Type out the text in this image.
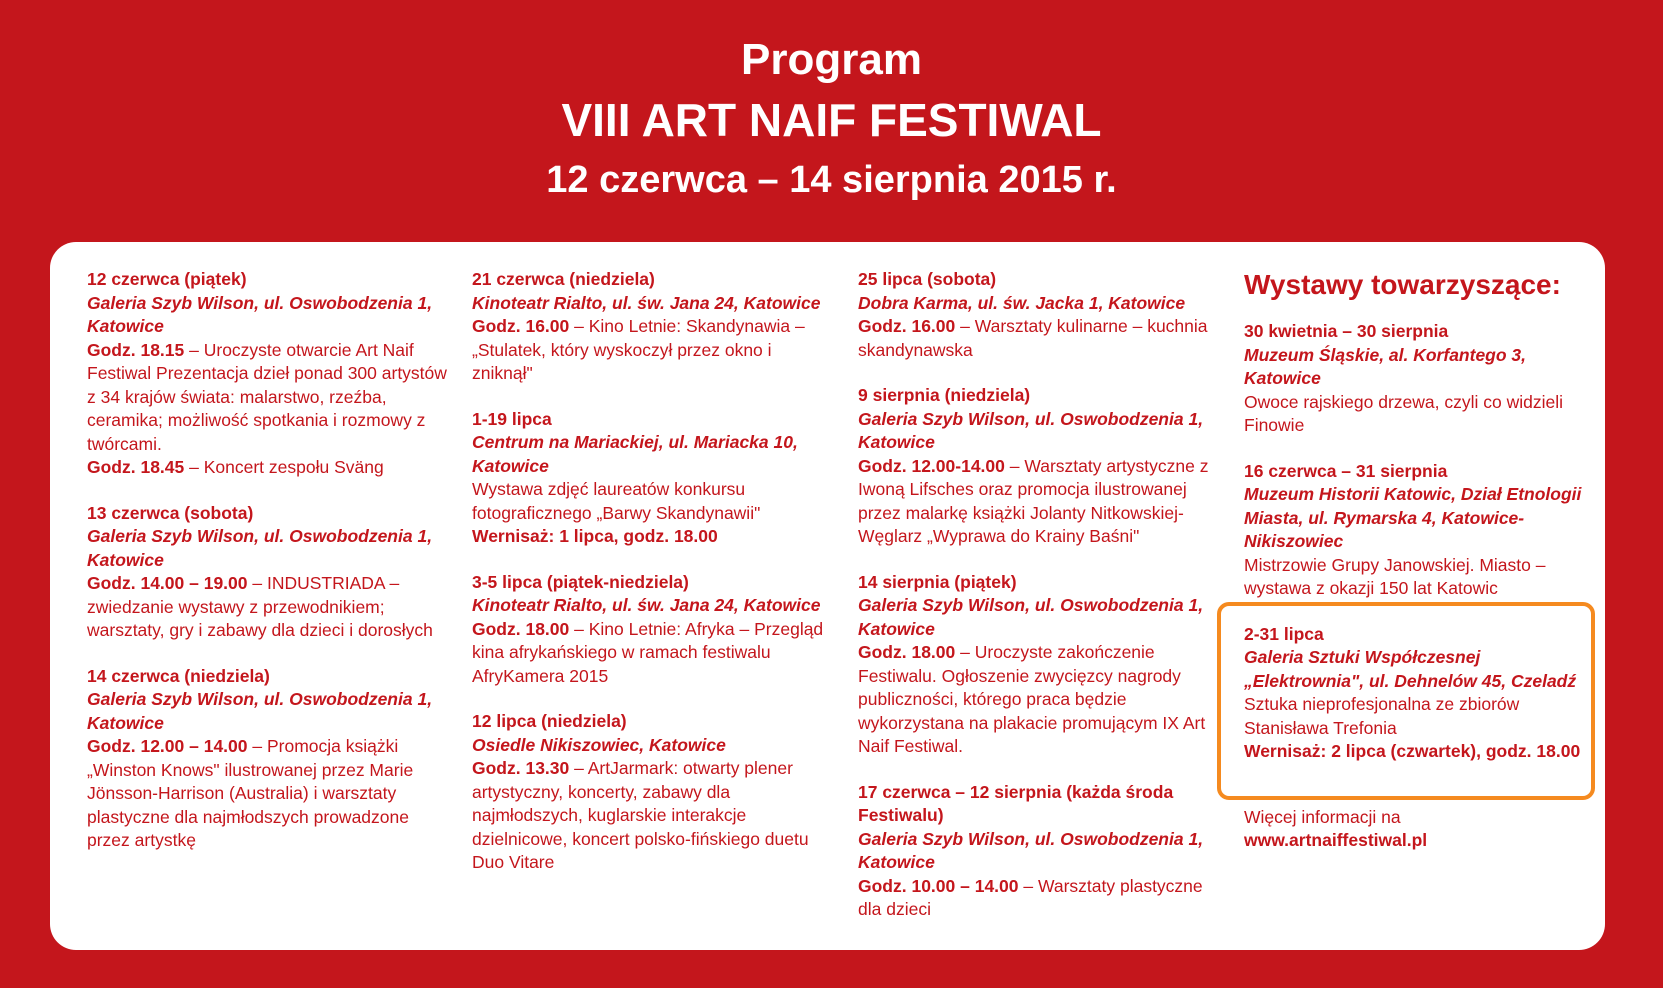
Program
VIII ART NAIF FESTIWAL
12 czerwca – 14 sierpnia 2015 r.
12 czerwca (piątek)
Galeria Szyb Wilson, ul. Oswobodzenia 1, Katowice
Godz. 18.15 – Uroczyste otwarcie Art Naif Festiwal Prezentacja dzieł ponad 300 artystów z 34 krajów świata: malarstwo, rzeźba, ceramika; możliwość spotkania i rozmowy z twórcami.
Godz. 18.45 – Koncert zespołu Sväng
13 czerwca (sobota)
Galeria Szyb Wilson, ul. Oswobodzenia 1, Katowice
Godz. 14.00 – 19.00 – INDUSTRIADA – zwiedzanie wystawy z przewodnikiem; warsztaty, gry i zabawy dla dzieci i dorosłych
14 czerwca (niedziela)
Galeria Szyb Wilson, ul. Oswobodzenia 1, Katowice
Godz. 12.00 – 14.00 – Promocja książki „Winston Knows" ilustrowanej przez Marie Jönsson-Harrison (Australia) i warsztaty plastyczne dla najmłodszych prowadzone przez artystkę
21 czerwca (niedziela)
Kinoteatr Rialto, ul. św. Jana 24, Katowice
Godz. 16.00 – Kino Letnie: Skandynawia – „Stulatek, który wyskoczył przez okno i zniknął"
1-19 lipca
Centrum na Mariackiej, ul. Mariacka 10, Katowice
Wystawa zdjęć laureatów konkursu fotograficznego „Barwy Skandynawii"
Wernisaż: 1 lipca, godz. 18.00
3-5 lipca (piątek-niedziela)
Kinoteatr Rialto, ul. św. Jana 24, Katowice
Godz. 18.00 – Kino Letnie: Afryka – Przegląd kina afrykańskiego w ramach festiwalu AfryKamera 2015
12 lipca (niedziela)
Osiedle Nikiszowiec, Katowice
Godz. 13.30 – ArtJarmark: otwarty plener artystyczny, koncerty, zabawy dla najmłodszych, kuglarskie interakcje dzielnicowe, koncert polsko-fińskiego duetu Duo Vitare
25 lipca (sobota)
Dobra Karma, ul. św. Jacka 1, Katowice
Godz. 16.00 – Warsztaty kulinarne – kuchnia skandynawska
9 sierpnia (niedziela)
Galeria Szyb Wilson, ul. Oswobodzenia 1, Katowice
Godz. 12.00-14.00 – Warsztaty artystyczne z Iwoną Lifsches oraz promocja ilustrowanej przez malarkę książki Jolanty Nitkowskiej-Węglarz „Wyprawa do Krainy Baśni"
14 sierpnia (piątek)
Galeria Szyb Wilson, ul. Oswobodzenia 1, Katowice
Godz. 18.00 – Uroczyste zakończenie Festiwalu. Ogłoszenie zwycięzcy nagrody publiczności, którego praca będzie wykorzystana na plakacie promującym IX Art Naif Festiwal.
17 czerwca – 12 sierpnia (każda środa Festiwalu)
Galeria Szyb Wilson, ul. Oswobodzenia 1, Katowice
Godz. 10.00 – 14.00 – Warsztaty plastyczne dla dzieci
Wystawy towarzyszące:
30 kwietnia – 30 sierpnia
Muzeum Śląskie, al. Korfantego 3, Katowice
Owoce rajskiego drzewa, czyli co widzieli Finowie
16 czerwca – 31 sierpnia
Muzeum Historii Katowic, Dział Etnologii Miasta, ul. Rymarska 4, Katowice-Nikiszowiec
Mistrzowie Grupy Janowskiej. Miasto – wystawa z okazji 150 lat Katowic
2-31 lipca
Galeria Sztuki Współczesnej „Elektrownia", ul. Dehnelów 45, Czeladź
Sztuka nieprofesjonalna ze zbiorów Stanisława Trefonia
Wernisaż: 2 lipca (czwartek), godz. 18.00
Więcej informacji na
www.artnaiffestiwal.pl
